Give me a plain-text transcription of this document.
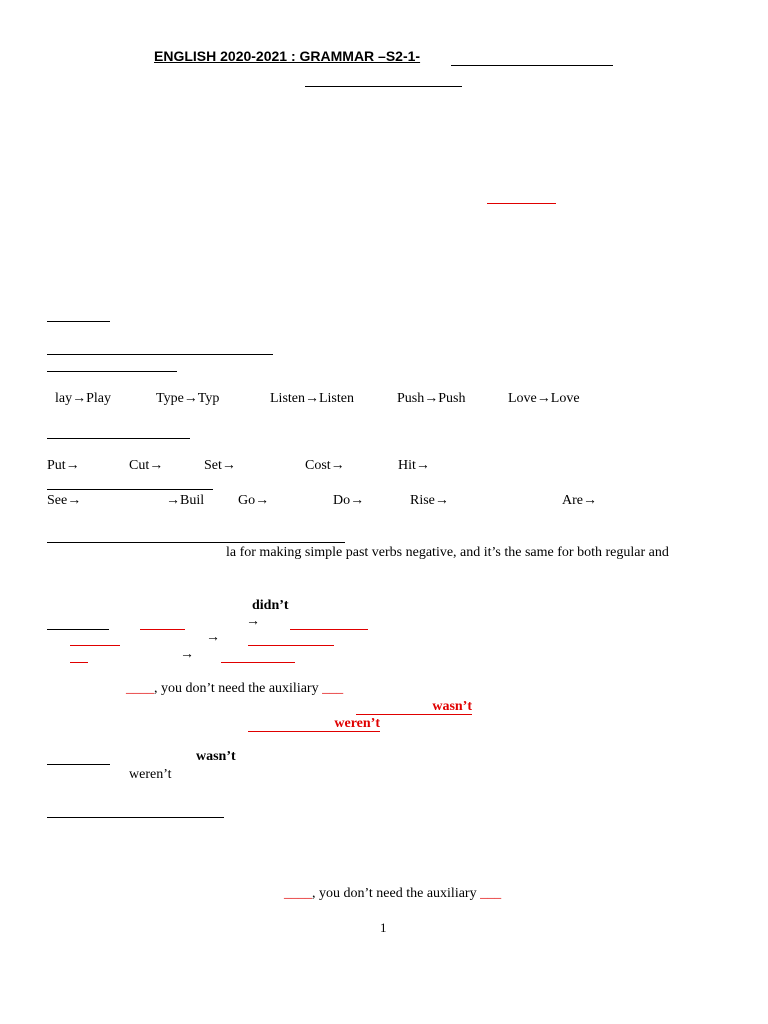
ENGLISH 2020-2021 : GRAMMAR –S2-1-
lay→Play	Type→Typ	Listen→Listen	Push→Push	Love→Love
Put→	Cut→	Set→	Cost→	Hit→
See→	→Buil Go→	Do→	Rise→	Are→
la for making simple past verbs negative, and it’s the same for both regular and
didn’t
→
→
→
____, you don’t need the auxiliary ___
wasn’t
weren’t
wasn’t
weren’t
____, you don’t need the auxiliary ___
1
